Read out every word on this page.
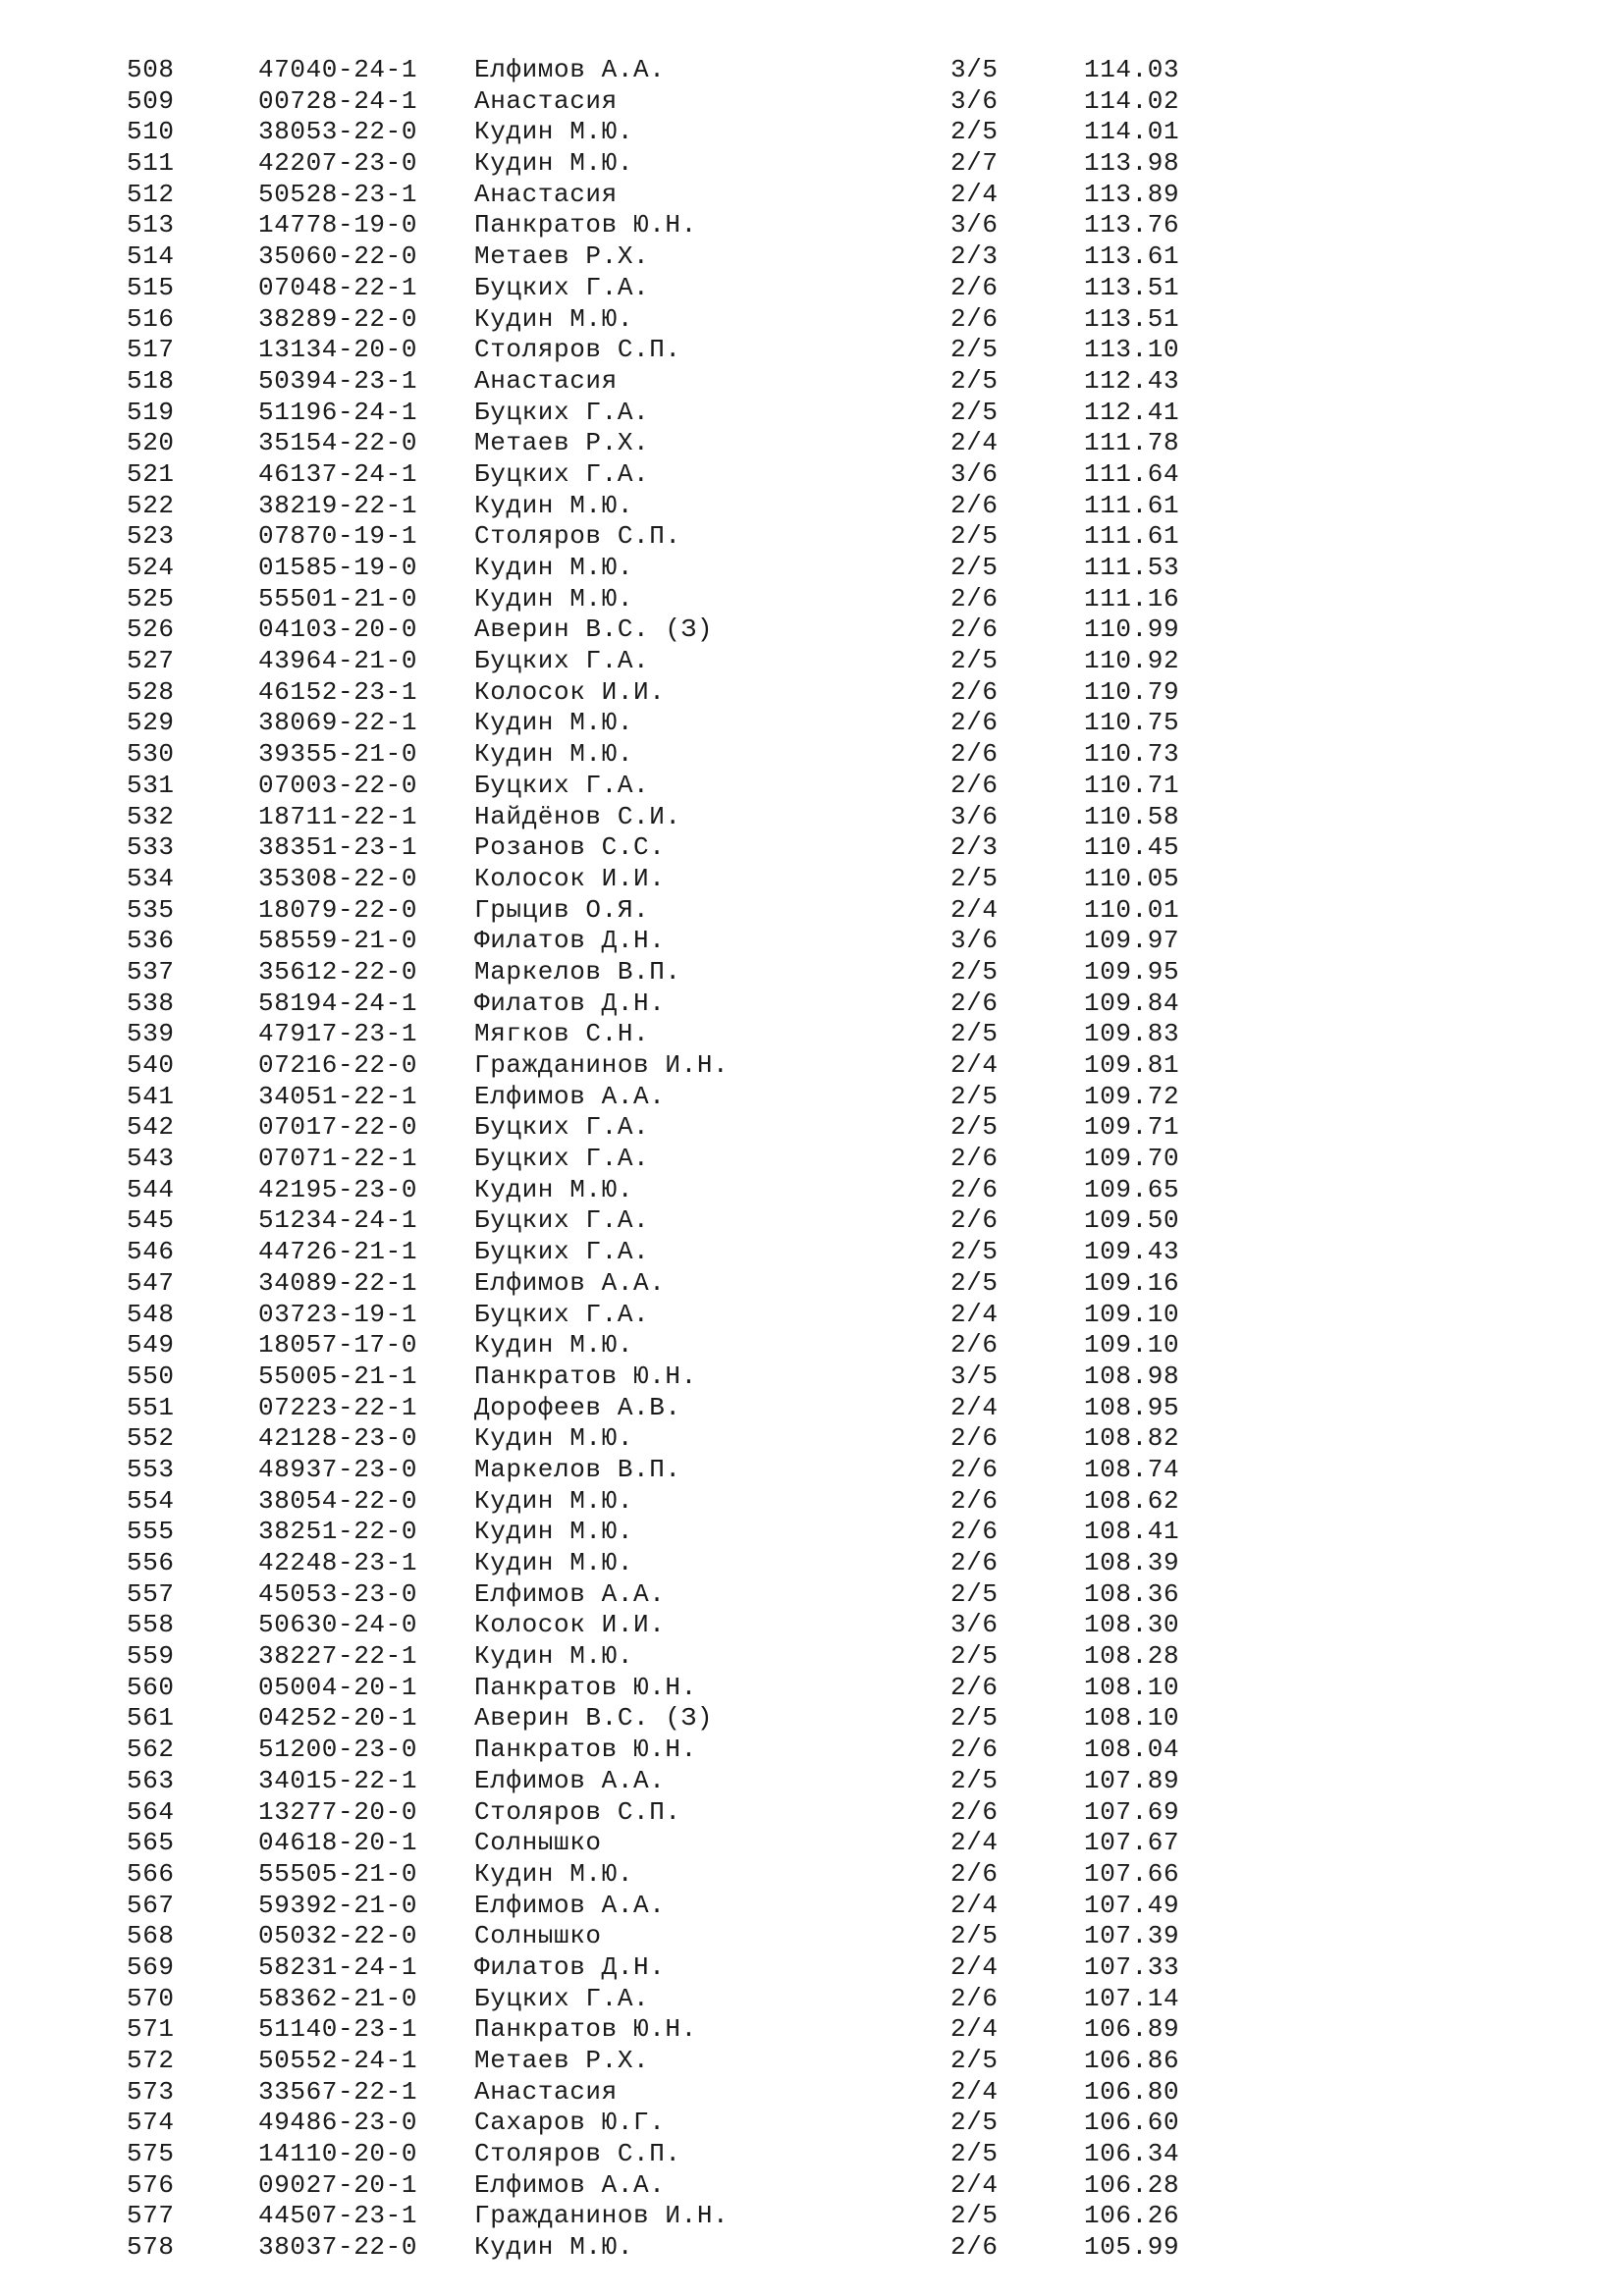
508	47040-24-1 Елфимов А.А.	3/5	114.03
509	00728-24-1 Анастасия	3/6	114.02
510	38053-22-0 Кудин М.Ю.	2/5	114.01
511	42207-23-0 Кудин М.Ю.	2/7	113.98
512	50528-23-1 Анастасия	2/4	113.89
513	14778-19-0 Панкратов Ю.Н.	3/6	113.76
514	35060-22-0 Метаев Р.Х.	2/3	113.61
515	07048-22-1 Буцких Г.А.	2/6	113.51
516	38289-22-0 Кудин М.Ю.	2/6	113.51
517	13134-20-0 Столяров С.П.	2/5	113.10
518	50394-23-1 Анастасия	2/5	112.43
519	51196-24-1 Буцких Г.А.	2/5	112.41
520	35154-22-0 Метаев Р.Х.	2/4	111.78
521	46137-24-1 Буцких Г.А.	3/6	111.64
522	38219-22-1 Кудин М.Ю.	2/6	111.61
523	07870-19-1 Столяров С.П.	2/5	111.61
524	01585-19-0 Кудин М.Ю.	2/5	111.53
525	55501-21-0 Кудин М.Ю.	2/6	111.16
526	04103-20-0 Аверин В.С. (З)	2/6	110.99
527	43964-21-0 Буцких Г.А.	2/5	110.92
528	46152-23-1 Колосок И.И.	2/6	110.79
529	38069-22-1 Кудин М.Ю.	2/6	110.75
530	39355-21-0 Кудин М.Ю.	2/6	110.73
531	07003-22-0 Буцких Г.А.	2/6	110.71
532	18711-22-1 Найдёнов С.И.	3/6	110.58
533	38351-23-1 Розанов С.С.	2/3	110.45
534	35308-22-0 Колосок И.И.	2/5	110.05
535	18079-22-0 Грыцив О.Я.	2/4	110.01
536	58559-21-0 Филатов Д.Н.	3/6	109.97
537	35612-22-0 Маркелов В.П.	2/5	109.95
538	58194-24-1 Филатов Д.Н.	2/6	109.84
539	47917-23-1 Мягков С.Н.	2/5	109.83
540	07216-22-0 Гражданинов И.Н.	2/4	109.81
541	34051-22-1 Елфимов А.А.	2/5	109.72
542	07017-22-0 Буцких Г.А.	2/5	109.71
543	07071-22-1 Буцких Г.А.	2/6	109.70
544	42195-23-0 Кудин М.Ю.	2/6	109.65
545	51234-24-1 Буцких Г.А.	2/6	109.50
546	44726-21-1 Буцких Г.А.	2/5	109.43
547	34089-22-1 Елфимов А.А.	2/5	109.16
548	03723-19-1 Буцких Г.А.	2/4	109.10
549	18057-17-0 Кудин М.Ю.	2/6	109.10
550	55005-21-1 Панкратов Ю.Н.	3/5	108.98
551	07223-22-1 Дорофеев А.В.	2/4	108.95
552	42128-23-0 Кудин М.Ю.	2/6	108.82
553	48937-23-0 Маркелов В.П.	2/6	108.74
554	38054-22-0 Кудин М.Ю.	2/6	108.62
555	38251-22-0 Кудин М.Ю.	2/6	108.41
556	42248-23-1 Кудин М.Ю.	2/6	108.39
557	45053-23-0 Елфимов А.А.	2/5	108.36
558	50630-24-0 Колосок И.И.	3/6	108.30
559	38227-22-1 Кудин М.Ю.	2/5	108.28
560	05004-20-1 Панкратов Ю.Н.	2/6	108.10
561	04252-20-1 Аверин В.С. (З)	2/5	108.10
562	51200-23-0 Панкратов Ю.Н.	2/6	108.04
563	34015-22-1 Елфимов А.А.	2/5	107.89
564	13277-20-0 Столяров С.П.	2/6	107.69
565	04618-20-1 Солнышко	2/4	107.67
566	55505-21-0 Кудин М.Ю.	2/6	107.66
567	59392-21-0 Елфимов А.А.	2/4	107.49
568	05032-22-0 Солнышко	2/5	107.39
569	58231-24-1 Филатов Д.Н.	2/4	107.33
570	58362-21-0 Буцких Г.А.	2/6	107.14
571	51140-23-1 Панкратов Ю.Н.	2/4	106.89
572	50552-24-1 Метаев Р.Х.	2/5	106.86
573	33567-22-1 Анастасия	2/4	106.80
574	49486-23-0 Сахаров Ю.Г.	2/5	106.60
575	14110-20-0 Столяров С.П.	2/5	106.34
576	09027-20-1 Елфимов А.А.	2/4	106.28
577	44507-23-1 Гражданинов И.Н.	2/5	106.26
578	38037-22-0 Кудин М.Ю.	2/6	105.99
